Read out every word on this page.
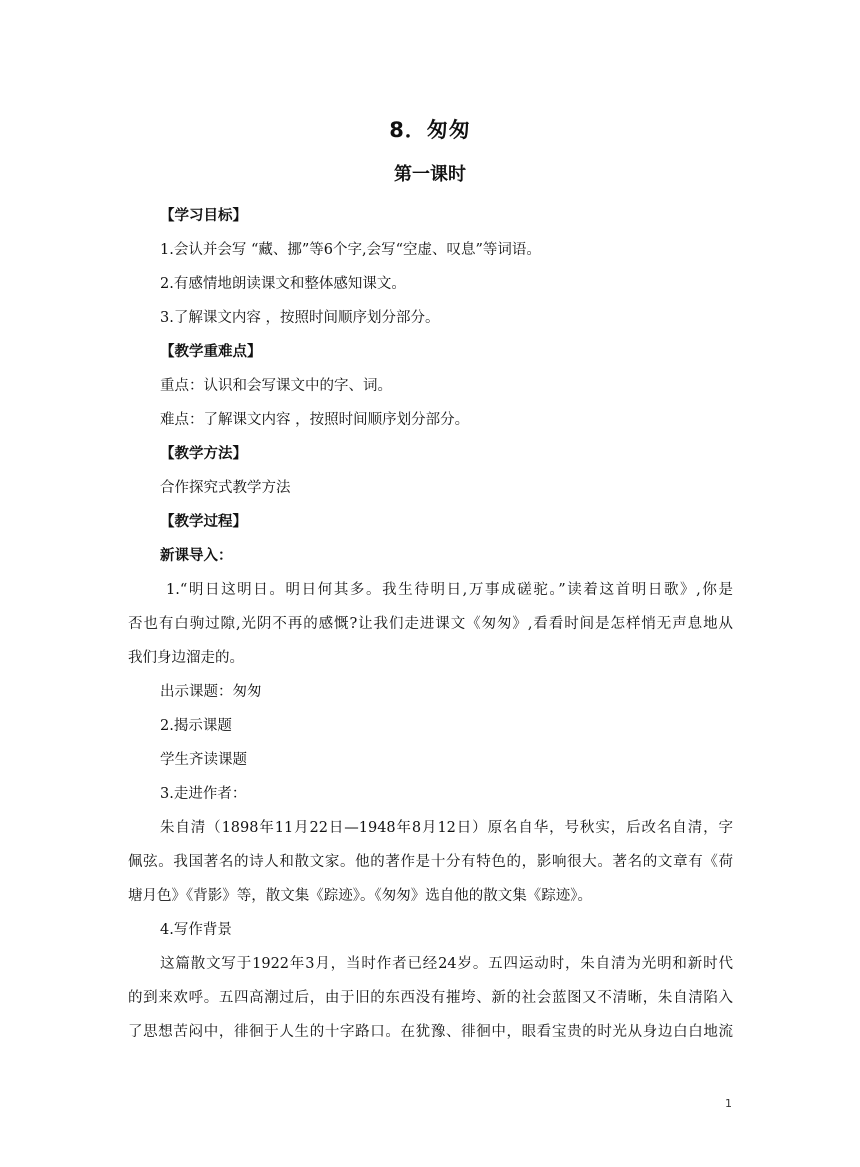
8．匆匆
第一课时

【学习目标】

1.会认并会写 “藏、挪”等6个字,会写“空虚、叹息”等词语。

2.有感情地朗读课文和整体感知课文。

3.了解课文内容 ，按照时间顺序划分部分。

【教学重难点】

重点：认识和会写课文中的字、词。

难点：了解课文内容 ，按照时间顺序划分部分。

【教学方法】

合作探究式教学方法

【教学过程】

新课导入：

1.“明日这明日。明日何其多。我生待明日,万事成磋驼。”读着这首明日歌》,你是

否也有白驹过隙,光阴不再的感慨?让我们走进课文《匆匆》,看看时间是怎样悄无声息地从

我们身边溜走的。

出示课题：匆匆

2.揭示课题

学生齐读课题

3.走进作者：

朱自清（1898年11月22日—1948年8月12日）原名自华，号秋实，后改名自清，字

佩弦。我国著名的诗人和散文家。他的著作是十分有特色的，影响很大。著名的文章有《荷

塘月色》《背影》等，散文集《踪迹》。《匆匆》选自他的散文集《踪迹》。

4.写作背景

这篇散文写于1922年3月，当时作者已经24岁。五四运动时，朱自清为光明和新时代

的到来欢呼。五四高潮过后，由于旧的东西没有摧垮、新的社会蓝图又不清晰，朱自清陷入

了思想苦闷中，徘徊于人生的十字路口。在犹豫、徘徊中，眼看宝贵的时光从身边白白地流

1
